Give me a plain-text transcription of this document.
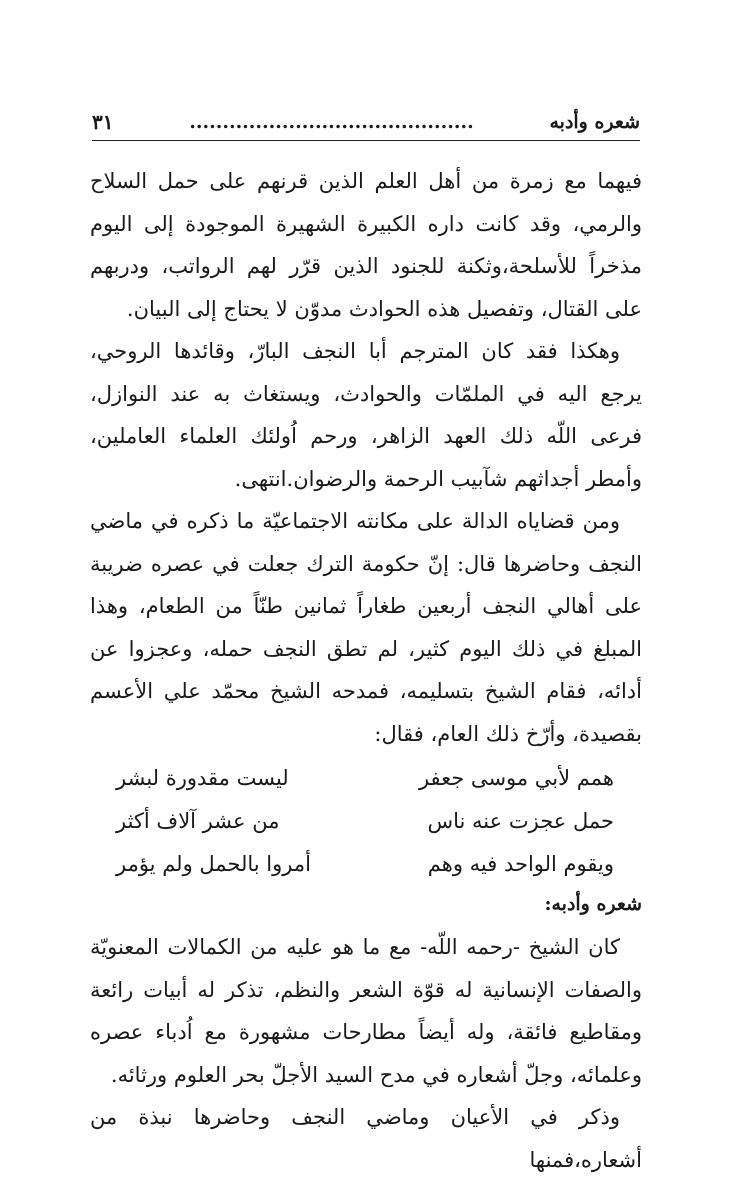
شعره وأدبه
...........................................
٣١

فيهما مع زمرة من أهل العلم الذين قرنهم على حمل السلاح والرمي، وقد كانت داره الكبيرة الشهيرة الموجودة إلى اليوم مذخراً للأسلحة،وثكنة للجنود الذين قرّر لهم الرواتب، ودربهم على القتال، وتفصيل هذه الحوادث مدوّن لا يحتاج إلى البيان.

وهكذا فقد كان المترجم أبا النجف البارّ، وقائدها الروحي، يرجع اليه في الملمّات والحوادث، ويستغاث به عند النوازل، فرعى اللّه ذلك العهد الزاهر، ورحم اُولئك العلماء العاملين، وأمطر أجداثهم شآبيب الرحمة والرضوان.انتهى.

ومن قضاياه الدالة على مكانته الاجتماعيّة ما ذكره في ماضي النجف وحاضرها قال: إنّ حكومة الترك جعلت في عصره ضريبة على أهالي النجف أربعين طغاراً ثمانين طنّاً من الطعام، وهذا المبلغ في ذلك اليوم كثير، لم تطق النجف حمله، وعجزوا عن أدائه، فقام الشيخ بتسليمه، فمدحه الشيخ محمّد علي الأعسم بقصيدة، وأرّخ ذلك العام، فقال:

همم لأبي موسى جعفر
ليست مقدورة لبشر
حمل عجزت عنه ناس
من عشر آلاف أكثر
ويقوم الواحد فيه وهم
أمروا بالحمل ولم يؤمر
شعره وأدبه:

كان الشيخ -رحمه اللّه- مع ما هو عليه من الكمالات المعنويّة والصفات الإنسانية له قوّة الشعر والنظم، تذكر له أبيات رائعة ومقاطيع فائقة، وله أيضاً مطارحات مشهورة مع اُدباء عصره وعلمائه، وجلّ أشعاره في مدح السيد الأجلّ بحر العلوم ورثائه.

وذكر في الأعيان وماضي النجف وحاضرها نبذة من أشعاره،فمنها
